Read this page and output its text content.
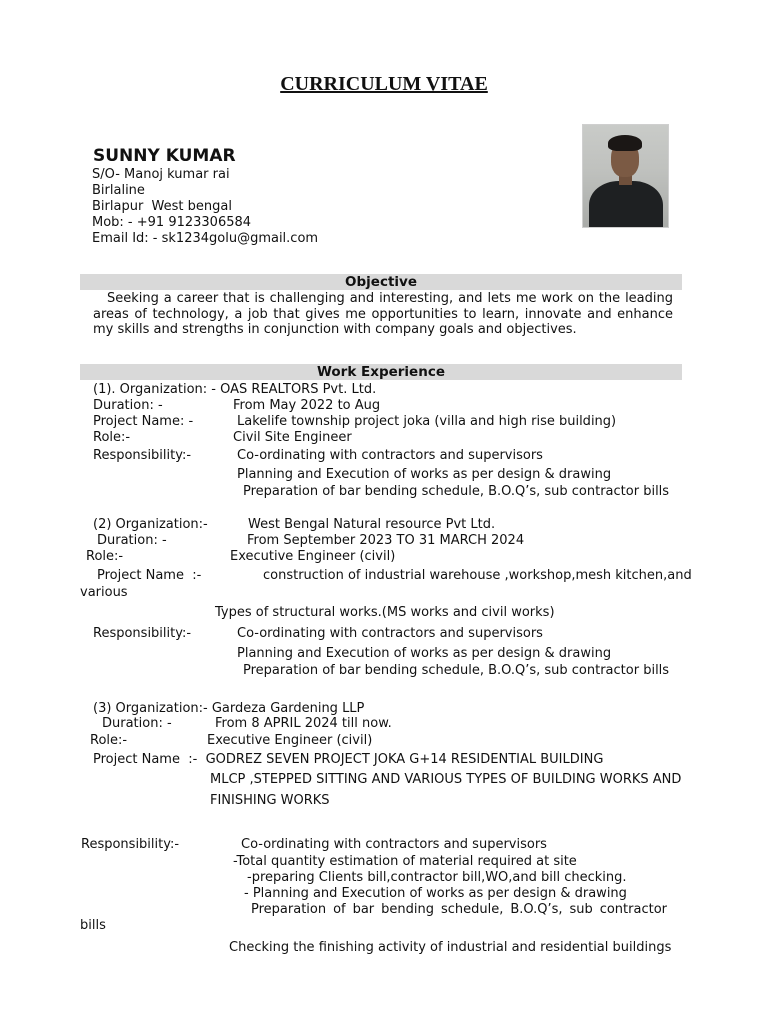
CURRICULUM VITAE
SUNNY KUMAR
S/O- Manoj kumar rai
Birlaline
Birlapur  West bengal
Mob: - +91 9123306584
Email Id: - sk1234golu@gmail.com
Objective
Seeking a career that is challenging and interesting, and lets me work on the leading areas of technology, a job that gives me opportunities to learn, innovate and enhance my skills and strengths in conjunction with company goals and objectives.
Work Experience
(1). Organization: - OAS REALTORS Pvt. Ltd.
Duration: -	From May 2022 to Aug
Project Name: -	Lakelife township project joka (villa and high rise building)
Role:-	Civil Site Engineer
Responsibility:-	Co-ordinating with contractors and supervisors
Planning and Execution of works as per design & drawing
Preparation of bar bending schedule, B.O.Q’s, sub contractor bills
(2) Organization:-	West Bengal Natural resource Pvt Ltd.
Duration: -	From September 2023 TO 31 MARCH 2024
Role:-	Executive Engineer (civil)
Project Name  :-	construction of industrial warehouse ,workshop,mesh kitchen,and
various
Types of structural works.(MS works and civil works)
Responsibility:-	Co-ordinating with contractors and supervisors
Planning and Execution of works as per design & drawing
Preparation of bar bending schedule, B.O.Q’s, sub contractor bills
(3) Organization:- Gardeza Gardening LLP
Duration: -	From 8 APRIL 2024 till now.
Role:-	Executive Engineer (civil)
Project Name  :-  GODREZ SEVEN PROJECT JOKA G+14 RESIDENTIAL BUILDING
MLCP ,STEPPED SITTING AND VARIOUS TYPES OF BUILDING WORKS AND
FINISHING WORKS
Responsibility:-	Co-ordinating with contractors and supervisors
-Total quantity estimation of material required at site
-preparing Clients bill,contractor bill,WO,and bill checking.
- Planning and Execution of works as per design & drawing
Preparation of bar bending schedule, B.O.Q’s, sub contractor
bills
Checking the finishing activity of industrial and residential buildings
